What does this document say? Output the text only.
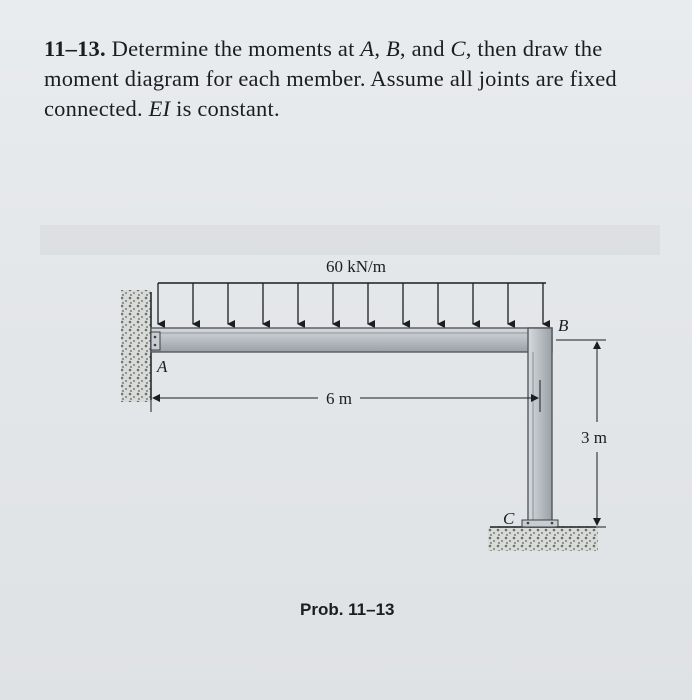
11–13. Determine the moments at A, B, and C, then draw the moment diagram for each member. Assume all joints are fixed connected. EI is constant.
60 kN/m
A
B
C
6 m
3 m
Prob. 11–13
